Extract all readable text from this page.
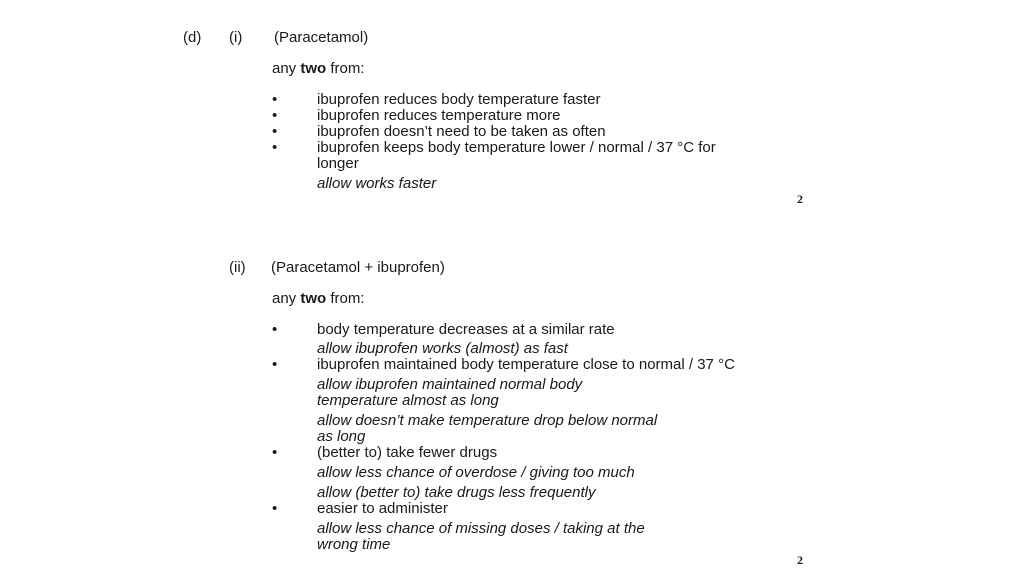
(d) (i) (Paracetamol)
any two from:
•	ibuprofen reduces body temperature faster
•	ibuprofen reduces temperature more
•	ibuprofen doesn’t need to be taken as often
•	ibuprofen keeps body temperature lower / normal / 37 °C for
longer
allow works faster
2
(ii) (Paracetamol + ibuprofen)
any two from:
•	body temperature decreases at a similar rate
allow ibuprofen works (almost) as fast
•	ibuprofen maintained body temperature close to normal / 37 °C
allow ibuprofen maintained normal body
temperature almost as long
allow doesn’t make temperature drop below normal
as long
•	(better to) take fewer drugs
allow less chance of overdose / giving too much
allow (better to) take drugs less frequently
•	easier to administer
allow less chance of missing doses / taking at the
wrong time
2
